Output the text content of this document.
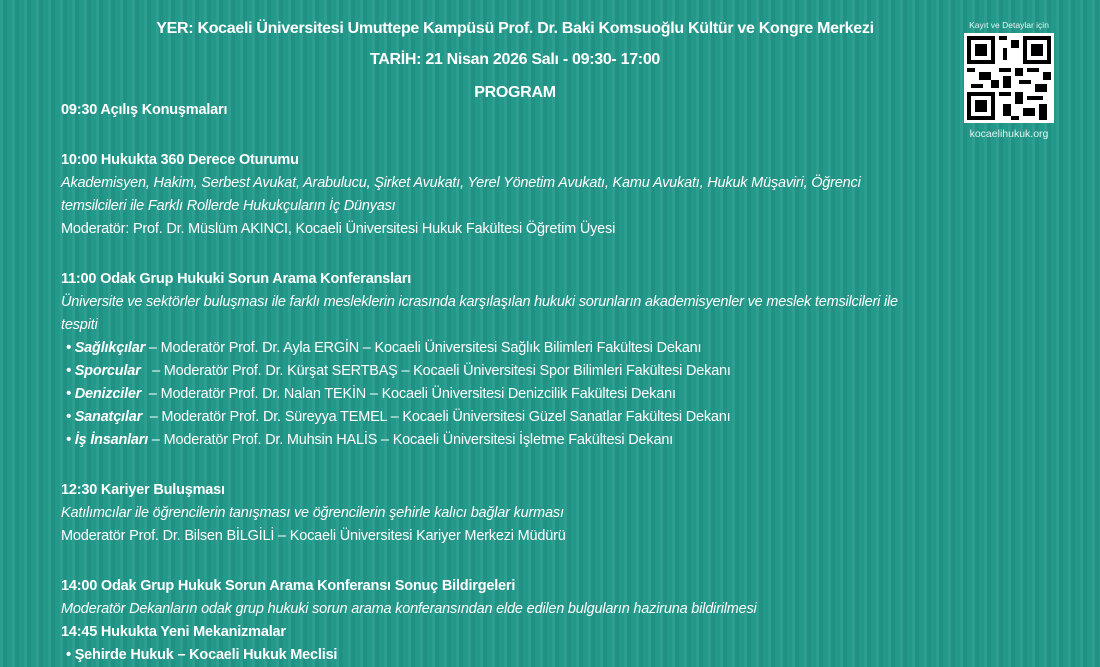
YER: Kocaeli Üniversitesi Umuttepe Kampüsü Prof. Dr. Baki Komsuoğlu Kültür ve Kongre Merkezi
TARİH: 21 Nisan 2026 Salı - 09:30- 17:00
PROGRAM
Kayıt ve Detaylar için
kocaelihukuk.org
09:30 Açılış Konuşmaları
10:00 Hukukta 360 Derece Oturumu
Akademisyen, Hakim, Serbest Avukat, Arabulucu, Şirket Avukatı, Yerel Yönetim Avukatı, Kamu Avukatı, Hukuk Müşaviri, Öğrenci
temsilcileri ile Farklı Rollerde Hukukçuların İç Dünyası
Moderatör: Prof. Dr. Müslüm AKINCI, Kocaeli Üniversitesi Hukuk Fakültesi Öğretim Üyesi
11:00 Odak Grup Hukuki Sorun Arama Konferansları
Üniversite ve sektörler buluşması ile farklı mesleklerin icrasında karşılaşılan hukuki sorunların akademisyenler ve meslek temsilcileri ile
tespiti
• Sağlıkçılar – Moderatör Prof. Dr. Ayla ERGİN – Kocaeli Üniversitesi Sağlık Bilimleri Fakültesi Dekanı
• Sporcular   – Moderatör Prof. Dr. Kürşat SERTBAŞ – Kocaeli Üniversitesi Spor Bilimleri Fakültesi Dekanı
• Denizciler  – Moderatör Prof. Dr. Nalan TEKİN – Kocaeli Üniversitesi Denizcilik Fakültesi Dekanı
• Sanatçılar  – Moderatör Prof. Dr. Süreyya TEMEL – Kocaeli Üniversitesi Güzel Sanatlar Fakültesi Dekanı
• İş İnsanları – Moderatör Prof. Dr. Muhsin HALİS – Kocaeli Üniversitesi İşletme Fakültesi Dekanı
12:30 Kariyer Buluşması
Katılımcılar ile öğrencilerin tanışması ve öğrencilerin şehirle kalıcı bağlar kurması
Moderatör Prof. Dr. Bilsen BİLGİLİ – Kocaeli Üniversitesi Kariyer Merkezi Müdürü
14:00 Odak Grup Hukuk Sorun Arama Konferansı Sonuç Bildirgeleri
Moderatör Dekanların odak grup hukuki sorun arama konferansından elde edilen bulguların haziruna bildirilmesi
14:45 Hukukta Yeni Mekanizmalar
• Şehirde Hukuk – Kocaeli Hukuk Meclisi
